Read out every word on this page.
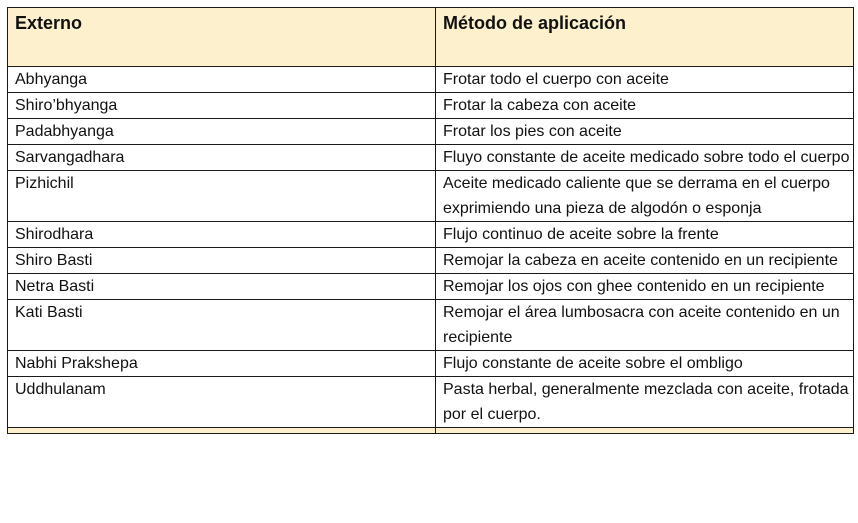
Externo	Método de aplicación
Abhyanga	Frotar todo el cuerpo con aceite
Shiro’bhyanga	Frotar la cabeza con aceite
Padabhyanga	Frotar los pies con aceite
Sarvangadhara	Fluyo constante de aceite medicado sobre todo el cuerpo
Pizhichil	Aceite medicado caliente que se derrama en el cuerpo exprimiendo una pieza de algodón o esponja
Shirodhara	Flujo continuo de aceite sobre la frente
Shiro Basti	Remojar la cabeza en aceite contenido en un recipiente
Netra Basti	Remojar los ojos con ghee contenido en un recipiente
Kati Basti	Remojar el área lumbosacra con aceite contenido en un recipiente
Nabhi Prakshepa	Flujo constante de aceite sobre el ombligo
Uddhulanam	Pasta herbal, generalmente mezclada con aceite, frotada por el cuerpo.
